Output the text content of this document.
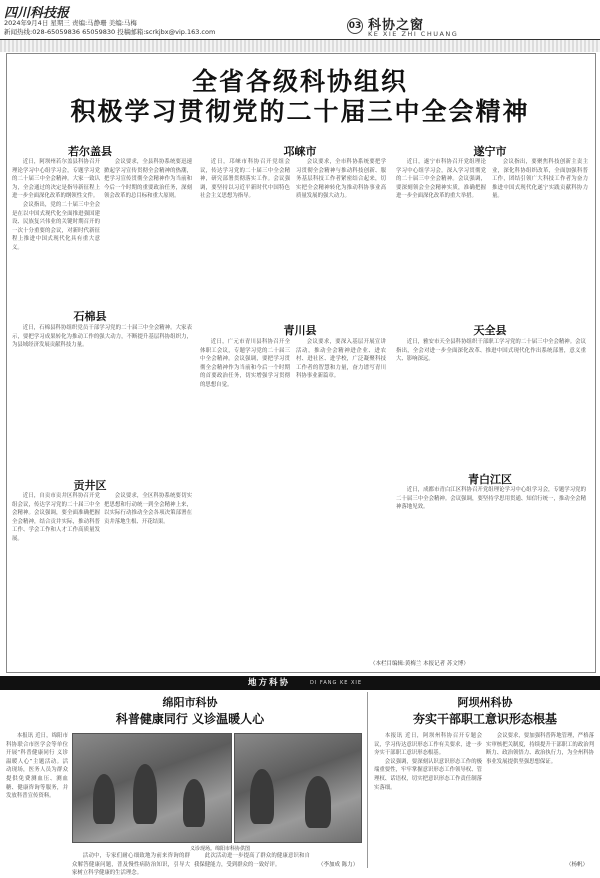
四川科技报
2024年9月4日 星期三 责编:马静珊 美编:马梅
新闻热线:028-65059836 65059830 投稿邮箱:scrkjbx@vip.163.com
03 科协之窗
KE XIE ZHI CHUANG
全省各级科协组织
积极学习贯彻党的二十届三中全会精神
若尔盖县	邛崃市	遂宁市
石棉县
青川县	天全县
贡井区	青白江区

近日，阿坝州若尔盖县科协召开理论学习中心组学习会，专题学习党的二十届三中全会精神。大家一致认为，全会通过的决定是指导新征程上进一步全面深化改革的纲领性文件。

会议指出，党的二十届三中全会是在以中国式现代化全面推进强国建设、民族复兴伟业的关键时期召开的一次十分重要的会议，对新时代新征程上推进中国式现代化具有重大意义。

会议要求，全县科协系统要迅速掀起学习宣传贯彻全会精神的热潮，把学习宣传贯彻全会精神作为当前和今后一个时期的重要政治任务，深刻领会改革的总目标和重大原则。

近日，邛崃市科协召开党组会议，传达学习党的二十届三中全会精神，研究部署贯彻落实工作。会议强调，要坚持以习近平新时代中国特色社会主义思想为指导。

会议要求，全市科协系统要把学习贯彻全会精神与推动科技创新、服务基层科技工作者紧密结合起来，切实把全会精神转化为推动科协事业高质量发展的强大动力。

近日，遂宁市科协召开党组理论学习中心组学习会，深入学习贯彻党的二十届三中全会精神。会议强调，要深刻领会全会精神实质，准确把握进一步全面深化改革的重大举措。

会议指出，要聚焦科技创新主责主业，深化科协组织改革，全面加强科普工作，团结引领广大科技工作者为奋力推进中国式现代化遂宁实践贡献科协力量。

近日，石棉县科协组织党员干部学习党的二十届三中全会精神。大家表示，要把学习成果转化为推动工作的强大动力，不断提升基层科协组织力，为县域经济发展贡献科技力量。

近日，广元市青川县科协召开全体职工会议，专题学习党的二十届三中全会精神。会议强调，要把学习贯彻全会精神作为当前和今后一个时期的首要政治任务，切实增强学习贯彻的思想自觉。

会议要求，要深入基层开展宣讲活动，推动全会精神进企业、进农村、进社区、进学校，广泛凝聚科技工作者的智慧和力量，奋力谱写青川科协事业新篇章。

近日，雅安市天全县科协组织干部职工学习党的二十届三中全会精神。会议指出，全会对进一步全面深化改革、推进中国式现代化作出系统部署，意义重大、影响深远。

近日，自贡市贡井区科协召开党组会议，传达学习党的二十届三中全会精神。会议强调，要全面准确把握全会精神，结合贡井实际，推动科普工作、学会工作和人才工作高质量发展。

会议要求，全区科协系统要切实把思想和行动统一到全会精神上来，以实际行动推动全会各项决策部署在贡井落地生根、开花结果。

近日，成都市青白江区科协召开党组理论学习中心组学习会，专题学习党的二十届三中全会精神。会议强调，要坚持学思用贯通、知信行统一，推动全会精神落地见效。

（本栏目编辑:黄梅兰 本报记者 苏文博）
地方科协	DI FANG KE XIE
绵阳市科协
科普健康同行 义诊温暖人心

本报讯 近日，绵阳市科协联合市医学会等单位开展“科普健康同行 义诊温暖人心”主题活动。活动现场，医务人员为群众提供免费测血压、测血糖、健康咨询等服务，并发放科普宣传资料。

义诊现场。绵阳市科协供图

活动中，专家们耐心细致地为前来咨询的群众解答健康问题，普及慢性病防治知识，引导大家树立科学健康的生活理念。

此次活动进一步提高了群众的健康意识和自我保健能力，受到群众的一致好评。	（李加成 陈力）
阿坝州科协
夯实干部职工意识形态根基

本报讯 近日，阿坝州科协召开专题会议，学习传达意识形态工作有关要求，进一步夯实干部职工意识形态根基。

会议强调，要深刻认识意识形态工作的极端重要性，牢牢掌握意识形态工作领导权、管理权、话语权，切实把意识形态工作责任制落实落细。

会议要求，要加强科普阵地管理，严格落实审核把关制度，持续提升干部职工的政治判断力、政治领悟力、政治执行力，为全州科协事业发展提供坚强思想保证。

（杨帆）
